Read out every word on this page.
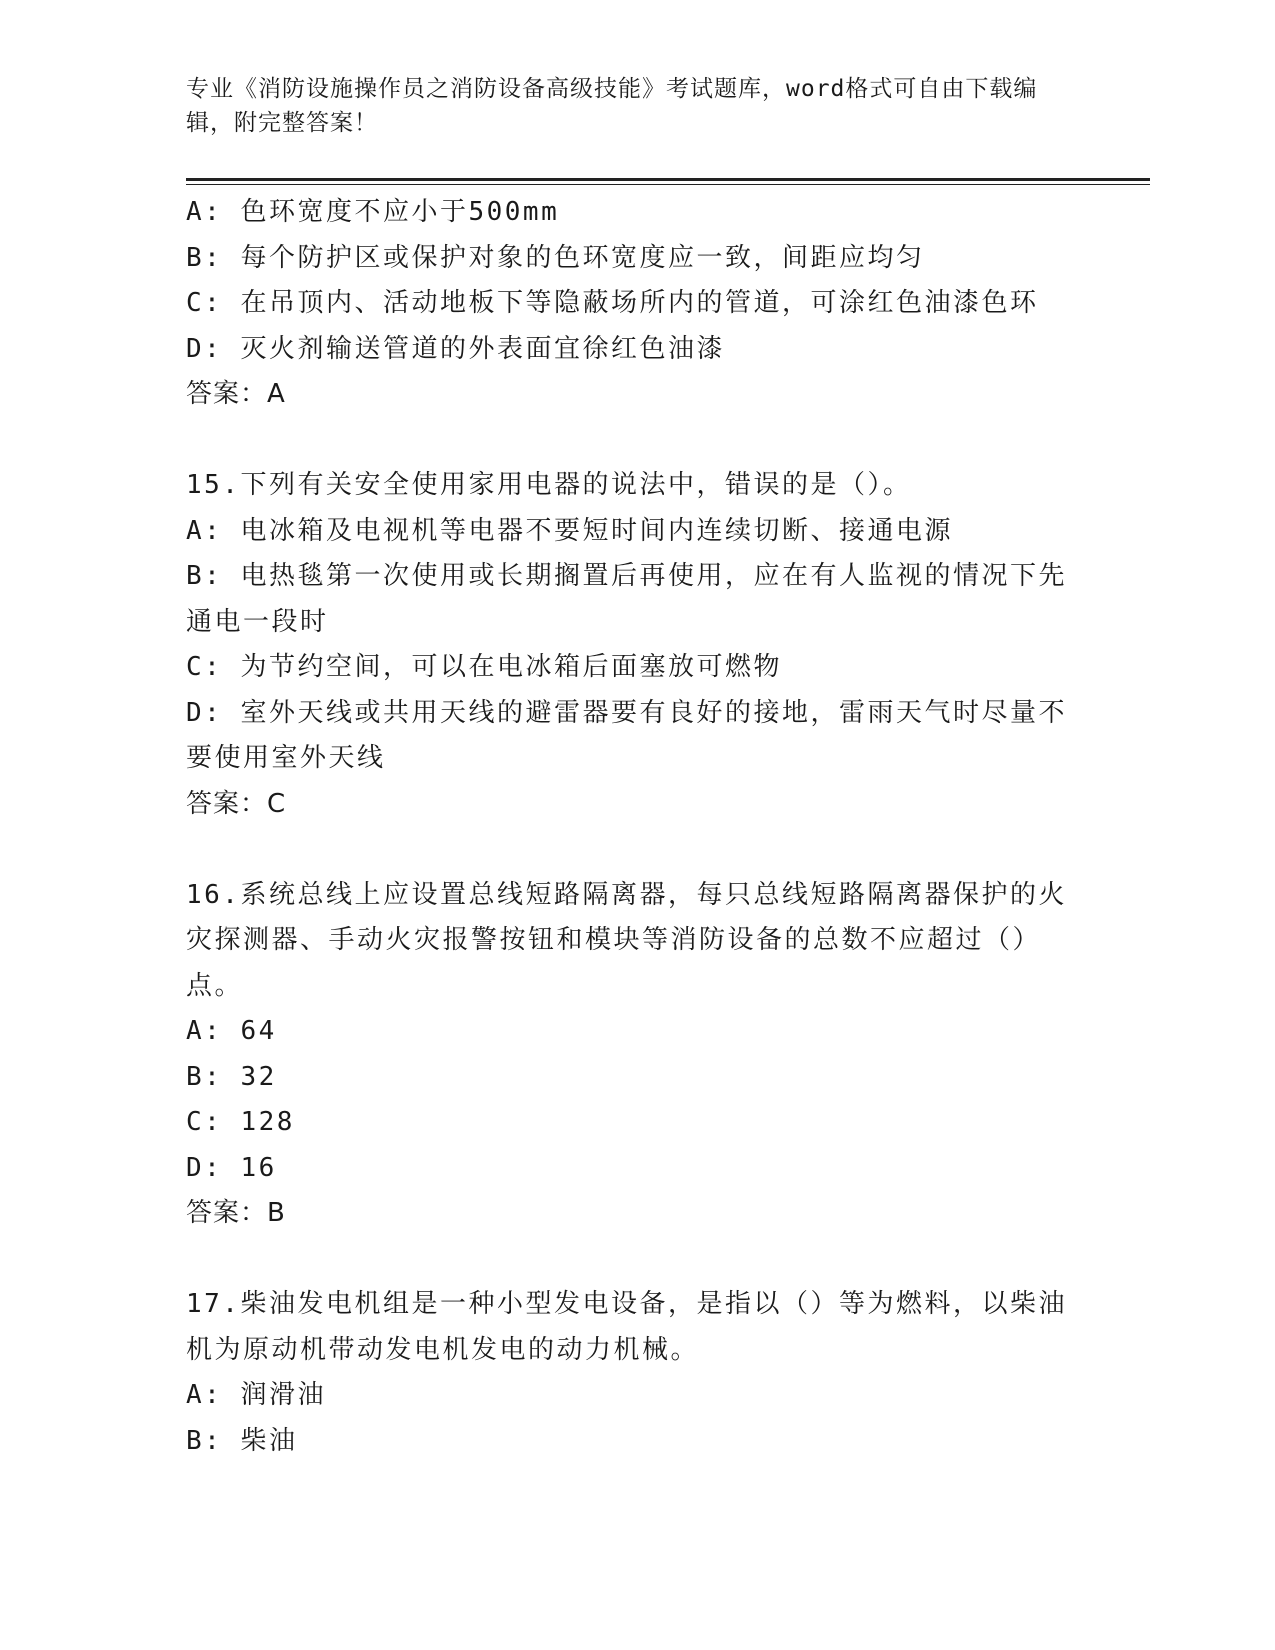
专业《消防设施操作员之消防设备高级技能》考试题库，word格式可自由下载编辑，附完整答案！
A: 色环宽度不应小于500mm
B: 每个防护区或保护对象的色环宽度应一致，间距应均匀
C: 在吊顶内、活动地板下等隐蔽场所内的管道，可涂红色油漆色环
D: 灭火剂输送管道的外表面宜徐红色油漆
答案：A
15.下列有关安全使用家用电器的说法中，错误的是（）。
A: 电冰箱及电视机等电器不要短时间内连续切断、接通电源
B: 电热毯第一次使用或长期搁置后再使用，应在有人监视的情况下先通电一段时
C: 为节约空间，可以在电冰箱后面塞放可燃物
D: 室外天线或共用天线的避雷器要有良好的接地，雷雨天气时尽量不要使用室外天线
答案：C
16.系统总线上应设置总线短路隔离器，每只总线短路隔离器保护的火灾探测器、手动火灾报警按钮和模块等消防设备的总数不应超过（）点。
A: 64
B: 32
C: 128
D: 16
答案：B
17.柴油发电机组是一种小型发电设备，是指以（）等为燃料，以柴油机为原动机带动发电机发电的动力机械。
A: 润滑油
B: 柴油
